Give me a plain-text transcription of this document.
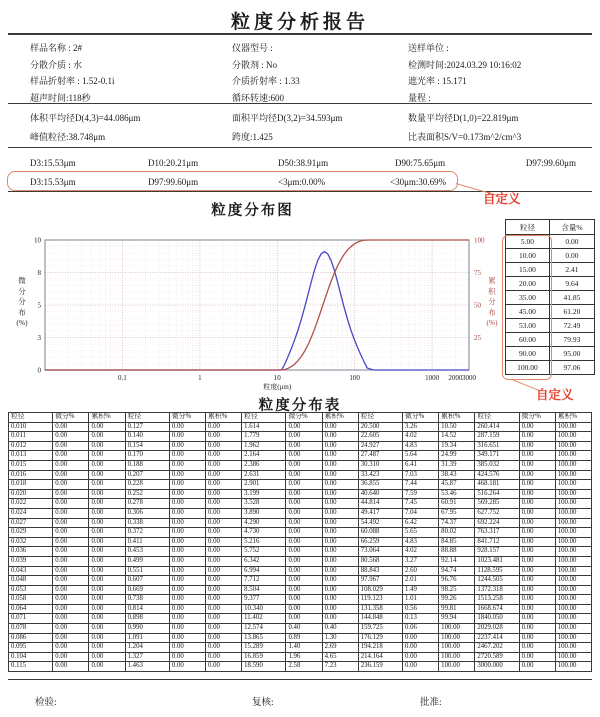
粒度分析报告
样品名称 : 2#	仪器型号 :	送样单位 :
分散介质 : 水	分散剂 : No	检测时间:2024.03.29 10:16:02
样品折射率 : 1.52-0.1i	介质折射率 : 1.33	遮光率 : 15.171
超声时间:118秒	循环转速:600	量程 :
体积平均径D(4,3)=44.086μm	面积平均径D(3,2)=34.593μm	数量平均径D(1,0)=22.819μm
峰值粒径:38.748μm	跨度:1.425	比表面积S/V=0.173m^2/cm^3
D3:15.53μm	D10:20.21μm	D50:38.91μm	D90:75.65μm	D97:99.60μm
D3:15.53μm	D97:99.60μm	<3μm:0.00%	<30μm:30.69%
自定义
粒度分布图
10
8
5
3
0
100
75
50
25
0.1	1	10	100	1000 2000 3000
粒度(μm)
微
分
分
布
(%)
累
积
分
布
(%)
粒径	含量%
5.00	0.00
10.00	0.00
15.00	2.41
20.00	9.64
35.00	41.85
45.00	61.20
53.00	72.49
60.00	79.93
90.00	95.00
100.00	97.06
自定义
粒度分布表
粒径	微分%	累积%	粒径	微分%	累积%	粒径	微分%	累积%	粒径	微分%	累积%	粒径	微分%	累积%
0.010	0.00	0.00	0.127	0.00	0.00	1.614	0.00	0.00	20.500	3.26	10.50	260.414	0.00	100.00
0.011	0.00	0.00	0.140	0.00	0.00	1.779	0.00	0.00	22.605	4.02	14.52	287.159	0.00	100.00
0.012	0.00	0.00	0.154	0.00	0.00	1.962	0.00	0.00	24.927	4.83	19.34	316.651	0.00	100.00
0.013	0.00	0.00	0.170	0.00	0.00	2.164	0.00	0.00	27.487	5.64	24.99	349.171	0.00	100.00
0.015	0.00	0.00	0.188	0.00	0.00	2.386	0.00	0.00	30.310	6.41	31.39	385.032	0.00	100.00
0.016	0.00	0.00	0.207	0.00	0.00	2.631	0.00	0.00	33.423	7.03	38.43	424.576	0.00	100.00
0.018	0.00	0.00	0.228	0.00	0.00	2.901	0.00	0.00	36.855	7.44	45.87	468.181	0.00	100.00
0.020	0.00	0.00	0.252	0.00	0.00	3.199	0.00	0.00	40.640	7.59	53.46	516.264	0.00	100.00
0.022	0.00	0.00	0.278	0.00	0.00	3.528	0.00	0.00	44.814	7.45	60.91	569.285	0.00	100.00
0.024	0.00	0.00	0.306	0.00	0.00	3.890	0.00	0.00	49.417	7.04	67.95	627.752	0.00	100.00
0.027	0.00	0.00	0.338	0.00	0.00	4.290	0.00	0.00	54.492	6.42	74.37	692.224	0.00	100.00
0.029	0.00	0.00	0.372	0.00	0.00	4.730	0.00	0.00	60.088	5.65	80.02	763.317	0.00	100.00
0.032	0.00	0.00	0.411	0.00	0.00	5.216	0.00	0.00	66.259	4.83	84.85	841.712	0.00	100.00
0.036	0.00	0.00	0.453	0.00	0.00	5.752	0.00	0.00	73.064	4.02	88.88	928.157	0.00	100.00
0.039	0.00	0.00	0.499	0.00	0.00	6.342	0.00	0.00	80.568	3.27	92.14	1023.481	0.00	100.00
0.043	0.00	0.00	0.551	0.00	0.00	6.994	0.00	0.00	88.843	2.60	94.74	1128.595	0.00	100.00
0.048	0.00	0.00	0.607	0.00	0.00	7.712	0.00	0.00	97.967	2.01	96.76	1244.505	0.00	100.00
0.053	0.00	0.00	0.669	0.00	0.00	8.504	0.00	0.00	108.029	1.49	98.25	1372.318	0.00	100.00
0.058	0.00	0.00	0.738	0.00	0.00	9.377	0.00	0.00	119.123	1.01	99.26	1513.258	0.00	100.00
0.064	0.00	0.00	0.814	0.00	0.00	10.340	0.00	0.00	131.358	0.56	99.81	1668.674	0.00	100.00
0.071	0.00	0.00	0.898	0.00	0.00	11.402	0.00	0.00	144.848	0.13	99.94	1840.050	0.00	100.00
0.078	0.00	0.00	0.990	0.00	0.00	12.574	0.40	0.40	159.725	0.06	100.00	2029.028	0.00	100.00
0.086	0.00	0.00	1.091	0.00	0.00	13.865	0.89	1.30	176.129	0.00	100.00	2237.414	0.00	100.00
0.095	0.00	0.00	1.204	0.00	0.00	15.289	1.40	2.69	194.218	0.00	100.00	2467.202	0.00	100.00
0.104	0.00	0.00	1.327	0.00	0.00	16.859	1.96	4.65	214.164	0.00	100.00	2720.589	0.00	100.00
0.115	0.00	0.00	1.463	0.00	0.00	18.590	2.58	7.23	236.159	0.00	100.00	3000.000	0.00	100.00
检验:	复核:	批准:
